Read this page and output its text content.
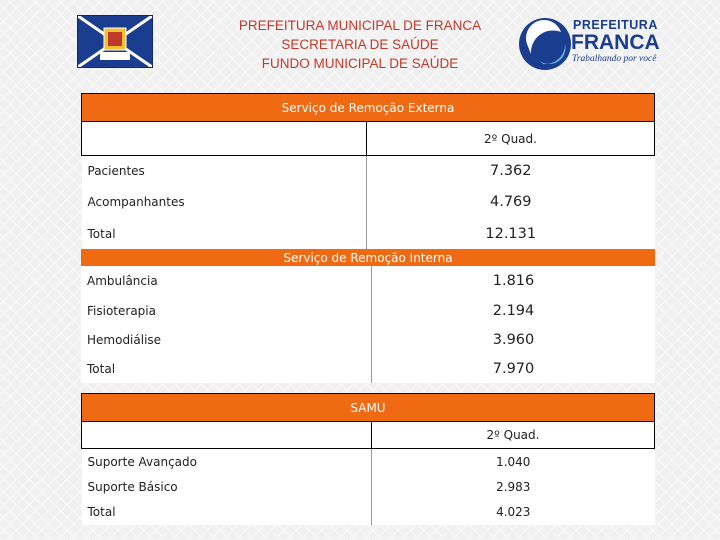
PREFEITURA MUNICIPAL DE FRANCA
SECRETARIA DE SAÚDE
FUNDO MUNICIPAL DE SAÚDE
PREFEITURA
FRANCA
Trabalhando por você
Serviço de Remoção Externa	
	2º Quad.
Pacientes	7.362
Acompanhantes	4.769
Total	12.131
Serviço de Remoção Interna	
Ambulância	1.816
Fisioterapia	2.194
Hemodiálise	3.960
Total	7.970
SAMU	
	2º Quad.
Suporte Avançado	1.040
Suporte Básico	2.983
Total	4.023
